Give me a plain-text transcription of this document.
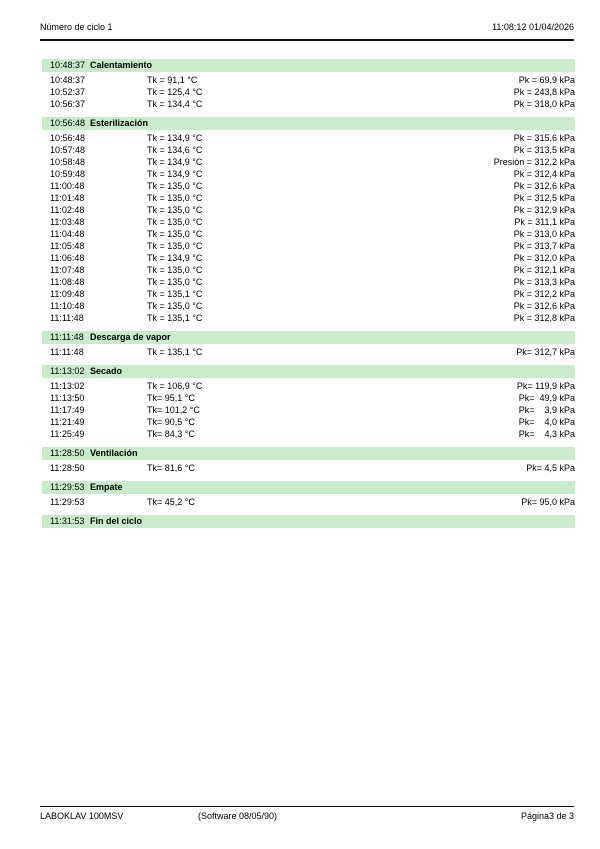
Número de ciclo 1	11:08:12 01/04/2026
10:48:37 Calentamiento
10:48:37	Tk = 91,1 °C	Pk = 69,9 kPa
10:52:37	Tk = 125,4 °C	Pk = 243,8 kPa
10:56:37	Tk = 134,4 °C	Pk = 318,0 kPa
10:56:48 Esterilización
10:56:48	Tk = 134,9 °C	Pk = 315,6 kPa
10:57:48	Tk = 134,6 °C	Pk = 313,5 kPa
10:58:48	Tk = 134,9 °C	Presión = 312,2 kPa
10:59:48	Tk = 134,9 °C	Pk = 312,4 kPa
11:00:48	Tk = 135,0 °C	Pk = 312,6 kPa
11:01:48	Tk = 135,0 °C	Pk = 312,5 kPa
11:02:48	Tk = 135,0 °C	Pk = 312,9 kPa
11:03:48	Tk = 135,0 °C	Pk = 311,1 kPa
11:04:48	Tk = 135,0 °C	Pk = 313,0 kPa
11:05:48	Tk = 135,0 °C	Pk = 313,7 kPa
11:06:48	Tk = 134,9 °C	Pk = 312,0 kPa
11:07:48	Tk = 135,0 °C	Pk = 312,1 kPa
11:08:48	Tk = 135,0 °C	Pk = 313,3 kPa
11:09:48	Tk = 135,1 °C	Pk = 312,2 kPa
11:10:48	Tk = 135,0 °C	Pk = 312,6 kPa
11:11:48	Tk = 135,1 °C	Pk = 312,8 kPa
11:11:48 Descarga de vapor
11:11:48	Tk = 135,1 °C	Pk= 312,7 kPa
11:13:02 Secado
11:13:02	Tk = 106,9 °C	Pk= 119,9 kPa
11:13:50	Tk= 95,1 °C	Pk=  49,9 kPa
11:17:49	Tk= 101,2 °C	Pk=    3,9 kPa
11:21:49	Tk= 90,5 °C	Pk=    4,0 kPa
11:25:49	Tk= 84,3 °C	Pk=    4,3 kPa
11:28:50 Ventilación
11:28:50	Tk= 81,6 °C	Pk= 4,5 kPa
11:29:53 Empate
11:29:53	Tk= 45,2 °C	Pk= 95,0 kPa
11:31:53 Fin del ciclo
LABOKLAV 100MSV	(Software 08/05/90)	Página3 de 3
